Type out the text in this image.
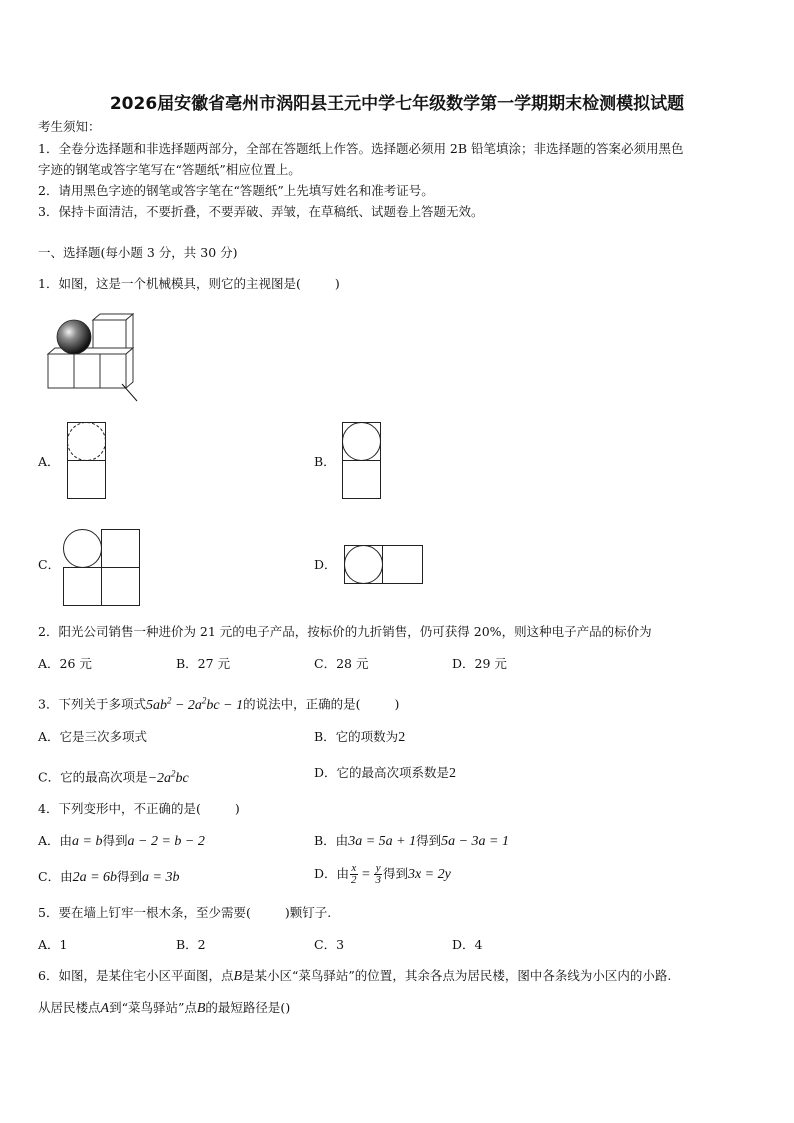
2026届安徽省亳州市涡阳县王元中学七年级数学第一学期期末检测模拟试题
考生须知：
1．全卷分选择题和非选择题两部分，全部在答题纸上作答。选择题必须用 2B 铅笔填涂；非选择题的答案必须用黑色
字迹的钢笔或答字笔写在“答题纸”相应位置上。
2．请用黑色字迹的钢笔或答字笔在“答题纸”上先填写姓名和准考证号。
3．保持卡面清洁，不要折叠，不要弄破、弄皱，在草稿纸、试题卷上答题无效。
一、选择题(每小题 3 分，共 30 分)
1．如图，这是一个机械模具，则它的主视图是(	)
A．	B．
C．	D．
2．阳光公司销售一种进价为 21 元的电子产品，按标价的九折销售，仍可获得 20%，则这种电子产品的标价为
A．26 元	B．27 元	C．28 元	D．29 元
3．下列关于多项式$5ab^2 - 2a^2bc - 1$的说法中，正确的是(	)
A．它是三次多项式	B．它的项数为2
C．它的最高次项是$-2a^2bc$	D．它的最高次项系数是2
4．下列变形中，不正确的是(	)
A．由a = b得到a − 2 = b − 2	B．由3a = 5a + 1得到5a − 3a = 1
C．由2a = 6b得到a = 3b	D．由 $\frac{x}{2} = \frac{y}{3}$ 得到3x = 2y
5．要在墙上钉牢一根木条，至少需要(	)颗钉子.
A．1	B．2	C．3	D．4
6．如图，是某住宅小区平面图，点B是某小区“菜鸟驿站”的位置，其余各点为居民楼，图中各条线为小区内的小路.
从居民楼点A到“菜鸟驿站”点B的最短路径是()
